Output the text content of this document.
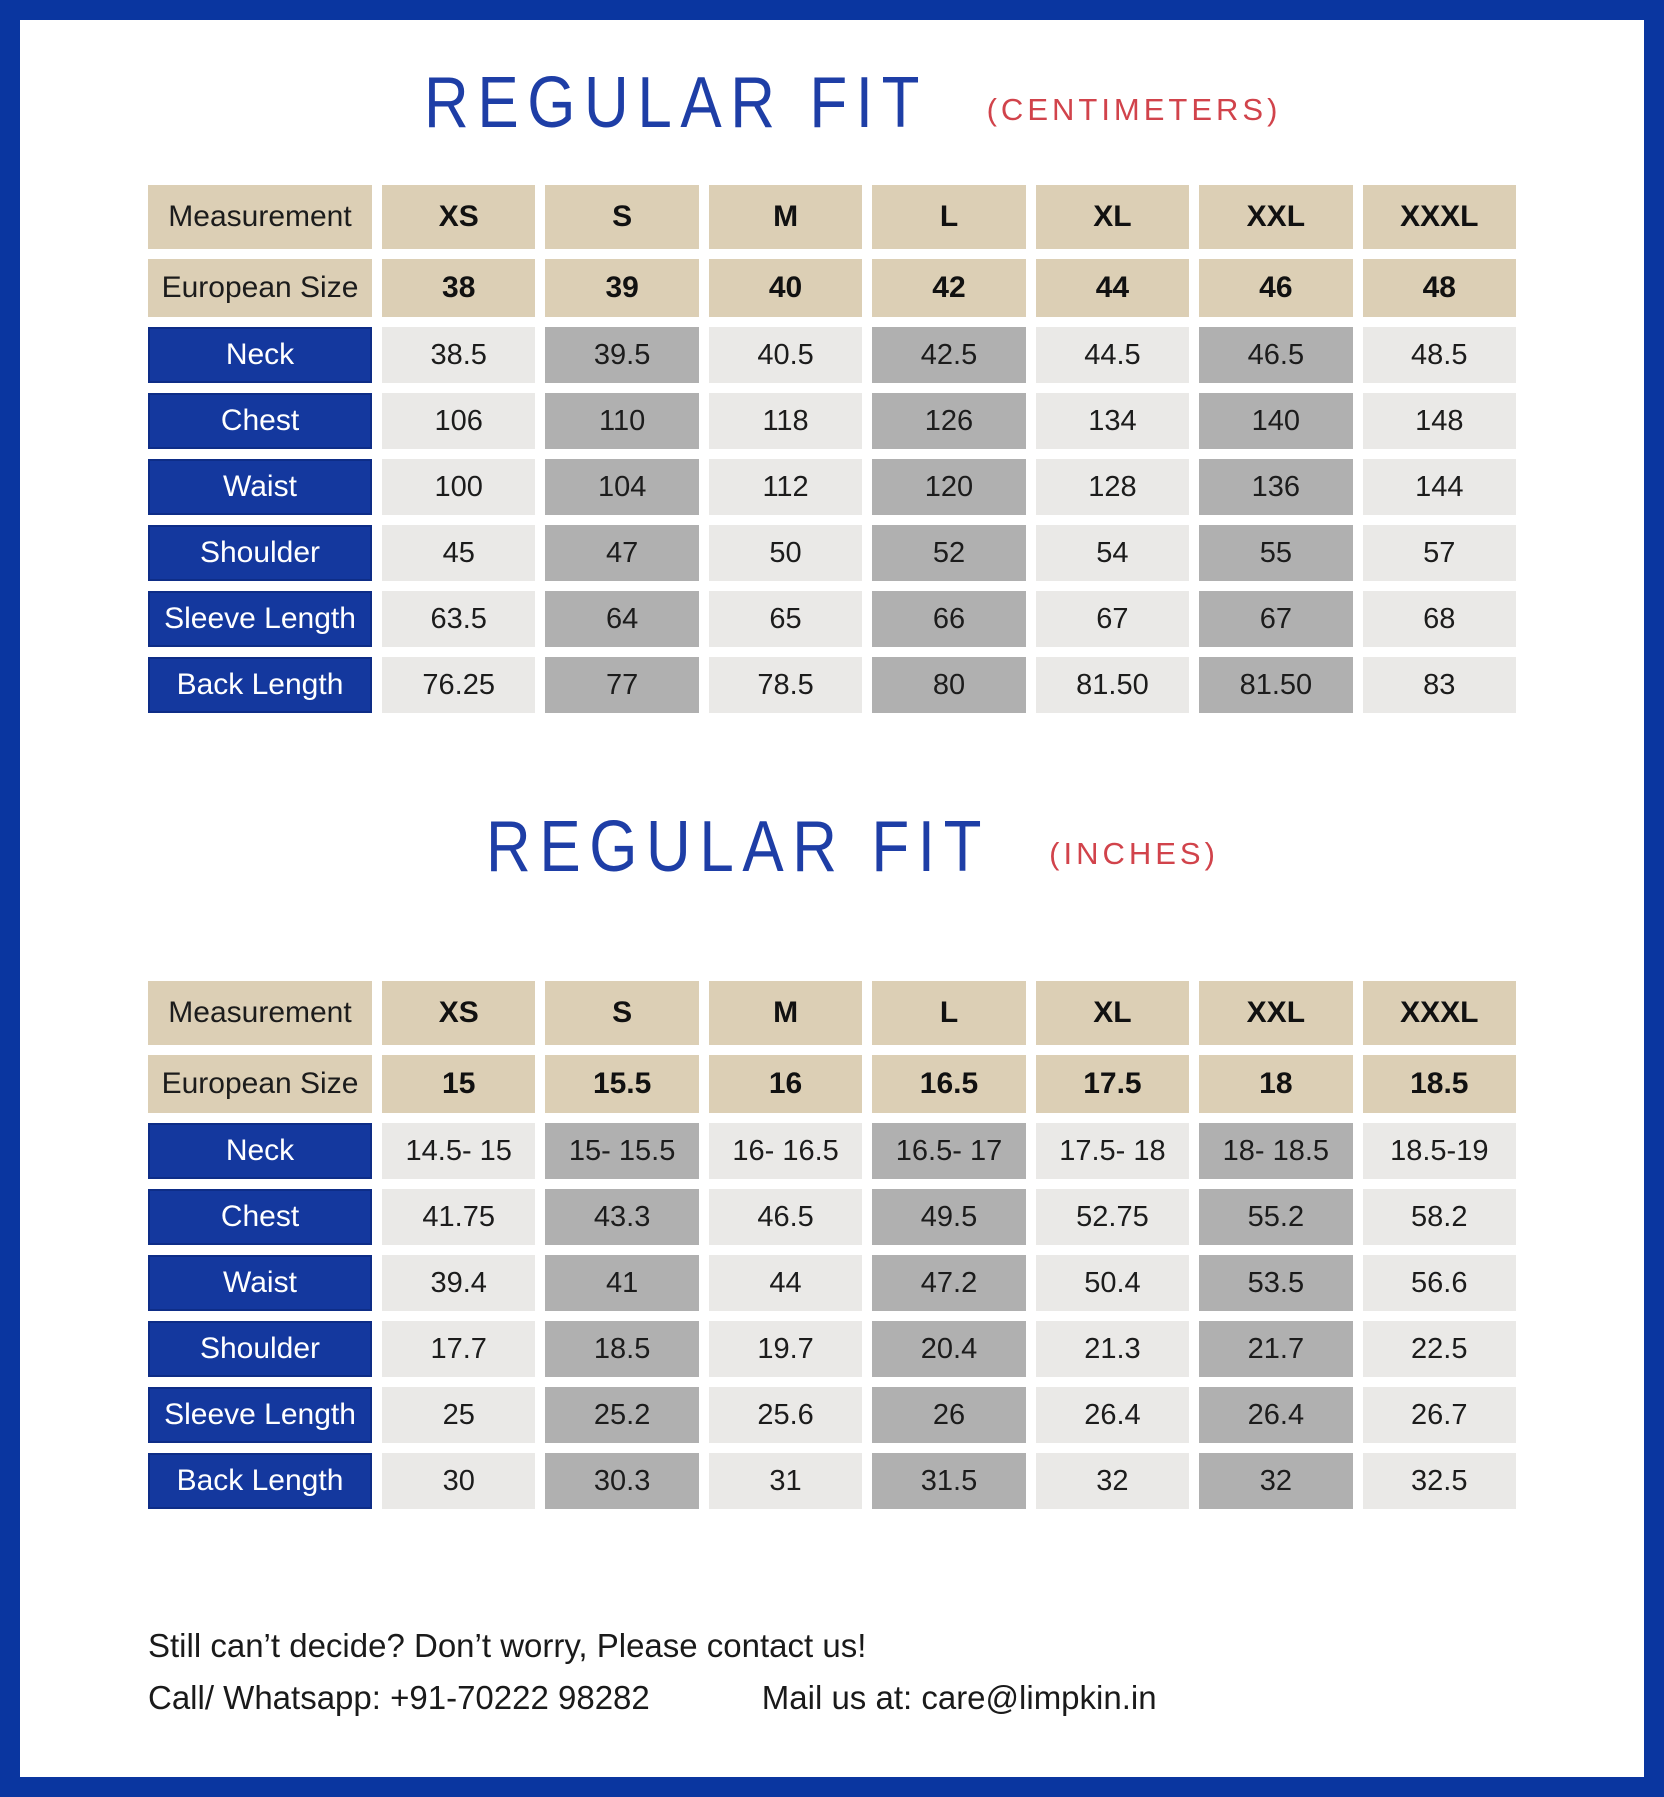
REGULAR FIT (CENTIMETERS)
Measurement	XS	S	M	L	XL	XXL	XXXL
European Size	38	39	40	42	44	46	48
Neck	38.5	39.5	40.5	42.5	44.5	46.5	48.5
Chest	106	110	118	126	134	140	148
Waist	100	104	112	120	128	136	144
Shoulder	45	47	50	52	54	55	57
Sleeve Length	63.5	64	65	66	67	67	68
Back Length	76.25	77	78.5	80	81.50	81.50	83
REGULAR FIT (INCHES)
Measurement	XS	S	M	L	XL	XXL	XXXL
European Size	15	15.5	16	16.5	17.5	18	18.5
Neck	14.5- 15	15- 15.5	16- 16.5	16.5- 17	17.5- 18	18- 18.5	18.5-19
Chest	41.75	43.3	46.5	49.5	52.75	55.2	58.2
Waist	39.4	41	44	47.2	50.4	53.5	56.6
Shoulder	17.7	18.5	19.7	20.4	21.3	21.7	22.5
Sleeve Length	25	25.2	25.6	26	26.4	26.4	26.7
Back Length	30	30.3	31	31.5	32	32	32.5
Still can’t decide? Don’t worry, Please contact us!
Call/ Whatsapp: +91-70222 98282	Mail us at: care@limpkin.in
